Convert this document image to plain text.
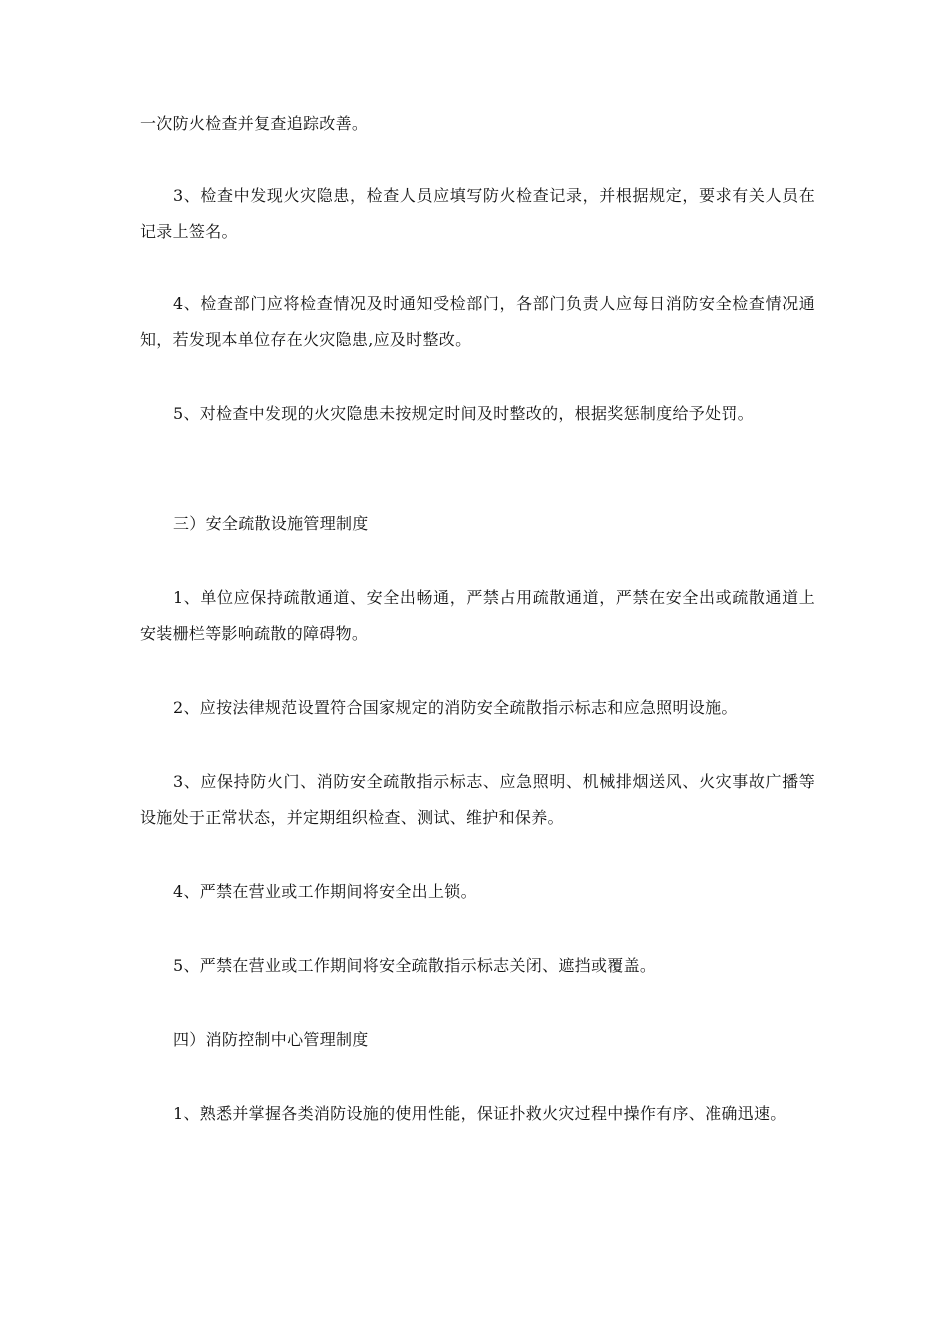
一次防火检查并复查追踪改善。

3、检查中发现火灾隐患，检查人员应填写防火检查记录，并根据规定，要求有关人员在记录上签名。

4、检查部门应将检查情况及时通知受检部门，各部门负责人应每日消防安全检查情况通知，若发现本单位存在火灾隐患,应及时整改。

5、对检查中发现的火灾隐患未按规定时间及时整改的，根据奖惩制度给予处罚。

三）安全疏散设施管理制度

1、单位应保持疏散通道、安全出畅通，严禁占用疏散通道，严禁在安全出或疏散通道上安装栅栏等影响疏散的障碍物。

2、应按法律规范设置符合国家规定的消防安全疏散指示标志和应急照明设施。

3、应保持防火门、消防安全疏散指示标志、应急照明、机械排烟送风、火灾事故广播等设施处于正常状态，并定期组织检查、测试、维护和保养。

4、严禁在营业或工作期间将安全出上锁。

5、严禁在营业或工作期间将安全疏散指示标志关闭、遮挡或覆盖。

四）消防控制中心管理制度

1、熟悉并掌握各类消防设施的使用性能，保证扑救火灾过程中操作有序、准确迅速。
